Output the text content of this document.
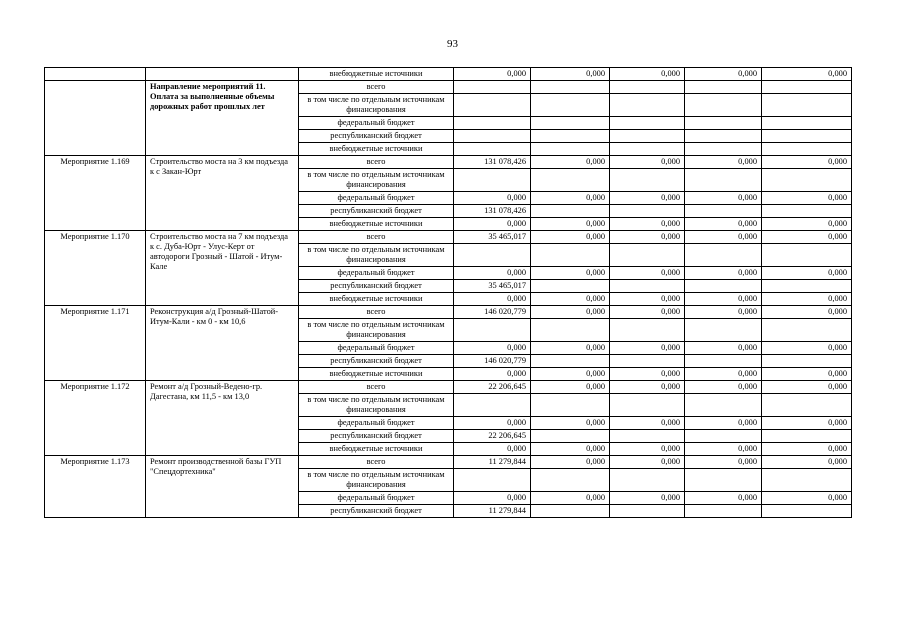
93
		внебюджетные источники	0,000	0,000	0,000	0,000	0,000
	Направление мероприятий 11. Оплата за выполненные объемы дорожных работ прошлых лет	всего					
		в том числе по отдельным источникам финансирования					
		федеральный бюджет					
		республиканский бюджет					
		внебюджетные источники					
Мероприятие 1.169	Строительство моста на 3 км подъезда к с Закан-Юрт	всего	131 078,426	0,000	0,000	0,000	0,000
		в том числе по отдельным источникам финансирования					
		федеральный бюджет	0,000	0,000	0,000	0,000	0,000
		республиканский бюджет	131 078,426				
		внебюджетные источники	0,000	0,000	0,000	0,000	0,000
Мероприятие 1.170	Строительство моста на 7 км подъезда к с. Дуба-Юрт - Улус-Керт от автодороги Грозный - Шатой - Итум-Кале	всего	35 465,017	0,000	0,000	0,000	0,000
		в том числе по отдельным источникам финансирования					
		федеральный бюджет	0,000	0,000	0,000	0,000	0,000
		республиканский бюджет	35 465,017				
		внебюджетные источники	0,000	0,000	0,000	0,000	0,000
Мероприятие 1.171	Реконструкция а/д Грозный-Шатой-Итум-Кали - км 0 - км 10,6	всего	146 020,779	0,000	0,000	0,000	0,000
		в том числе по отдельным источникам финансирования					
		федеральный бюджет	0,000	0,000	0,000	0,000	0,000
		республиканский бюджет	146 020,779				
		внебюджетные источники	0,000	0,000	0,000	0,000	0,000
Мероприятие 1.172	Ремонт а/д Грозный-Ведено-гр. Дагестана, км 11,5 - км 13,0	всего	22 206,645	0,000	0,000	0,000	0,000
		в том числе по отдельным источникам финансирования					
		федеральный бюджет	0,000	0,000	0,000	0,000	0,000
		республиканский бюджет	22 206,645				
		внебюджетные источники	0,000	0,000	0,000	0,000	0,000
Мероприятие 1.173	Ремонт производственной базы ГУП "Спецдортехника"	всего	11 279,844	0,000	0,000	0,000	0,000
		в том числе по отдельным источникам финансирования					
		федеральный бюджет	0,000	0,000	0,000	0,000	0,000
		республиканский бюджет	11 279,844				
